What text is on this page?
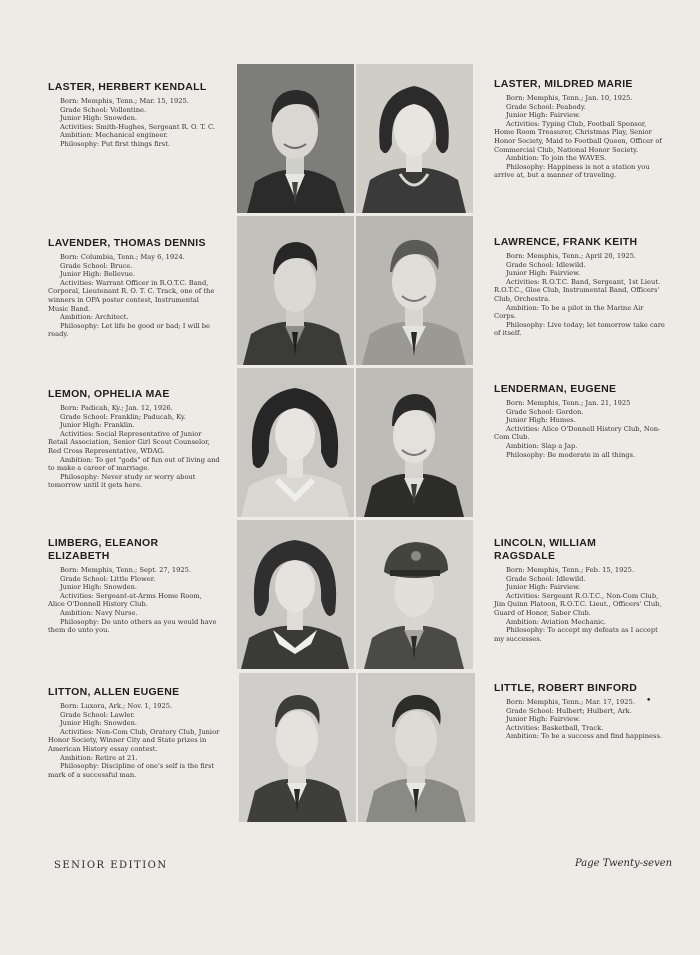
LASTER, HERBERT KENDALL

Born: Memphis, Tenn.; Mar. 15, 1925.

Grade School: Vollentine.

Junior High: Snowden.

Activities: Smith-Hughes, Sergeant R. O. T. C.

Ambition: Mechanical engineer.

Philosophy: Put first things first.

LASTER, MILDRED MARIE

Born: Memphis, Tenn.; Jan. 10, 1925.

Grade School: Peabody.

Junior High: Fairview.

Activities: Typing Club, Football Sponsor, Home Room Treasurer, Christmas Play, Senior Honor Society, Maid to Football Queen, Officer of Commercial Club, National Honor Society.

Ambition: To join the WAVES.

Philosophy: Happiness is not a station you arrive at, but a manner of traveling.

LAVENDER, THOMAS DENNIS

Born: Columbia, Tenn.; May 6, 1924.

Grade School: Bruce.

Junior High: Bellevue.

Activities: Warrant Officer in R.O.T.C. Band, Corporal, Lieutenant R. O. T. C. Track, one of the winners in OPA poster contest, Instrumental Music Band.

Ambition: Architect.

Philosophy: Let life be good or bad; I will be ready.

LAWRENCE, FRANK KEITH

Born: Memphis, Tenn.; April 20, 1925.

Grade School: Idlewild.

Junior High: Fairview.

Activities: R.O.T.C. Band, Sergeant, 1st Lieut. R.O.T.C., Glee Club, Instrumental Band, Officers' Club, Orchestra.

Ambition: To be a pilot in the Marine Air Corps.

Philosophy: Live today; let tomorrow take care of itself.

LEMON, OPHELIA MAE

Born: Padicah, Ky.; Jan. 12, 1926.

Grade School: Franklin; Paducah, Ky.

Junior High: Franklin.

Activities: Social Representative of Junior Retail Association, Senior Girl Scout Counselor, Red Cross Representative, WDAG.

Ambition: To get "gods" of fun out of living and to make a career of marriage.

Philosophy: Never study or worry about tomorrow until it gets here.

LENDERMAN, EUGENE

Born: Memphis, Tenn.; Jan. 21, 1925

Grade School: Gordon.

Junior High: Humes.

Activities: Alice O'Donnell History Club, Non-Com Club.

Ambition: Slap a Jap.

Philosophy: Be moderate in all things.

LIMBERG, ELEANOR ELIZABETH

Born: Memphis, Tenn.; Sept. 27, 1925.

Grade School: Little Flower.

Junior High: Snowden.

Activities: Sergeant-at-Arms Home Room, Alice O'Donnell History Club.

Ambition: Navy Nurse.

Philosophy: Do unto others as you would have them do unto you.

LINCOLN, WILLIAM RAGSDALE

Born: Memphis, Tenn.; Feb. 15, 1925.

Grade School: Idlewild.

Junior High: Fairview.

Activities: Sergeant R.O.T.C., Non-Com Club, Jim Quinn Platoon, R.O.T.C. Lieut., Officers' Club, Guard of Honor, Saber Club.

Ambition: Aviation Mechanic.

Philosophy: To accept my defeats as I accept my successes.

LITTON, ALLEN EUGENE

Born: Luxora, Ark.; Nov. 1, 1925.

Grade School: Lawler.

Junior High: Snowden.

Activities: Non-Com Club, Oratory Club, Junior Honor Society, Winner City and State prizes in American History essay contest.

Ambition: Retire at 21.

Philosophy: Discipline of one's self is the first mark of a successful man.

LITTLE, ROBERT BINFORD

Born: Memphis, Tenn.; Mar. 17, 1925.

Grade School: Hulbert; Hulbert, Ark.

Junior High: Fairview.

Activities: Basketball, Track.

Ambition: To be a success and find happiness.

•
SENIOR EDITION	Page Twenty-seven
